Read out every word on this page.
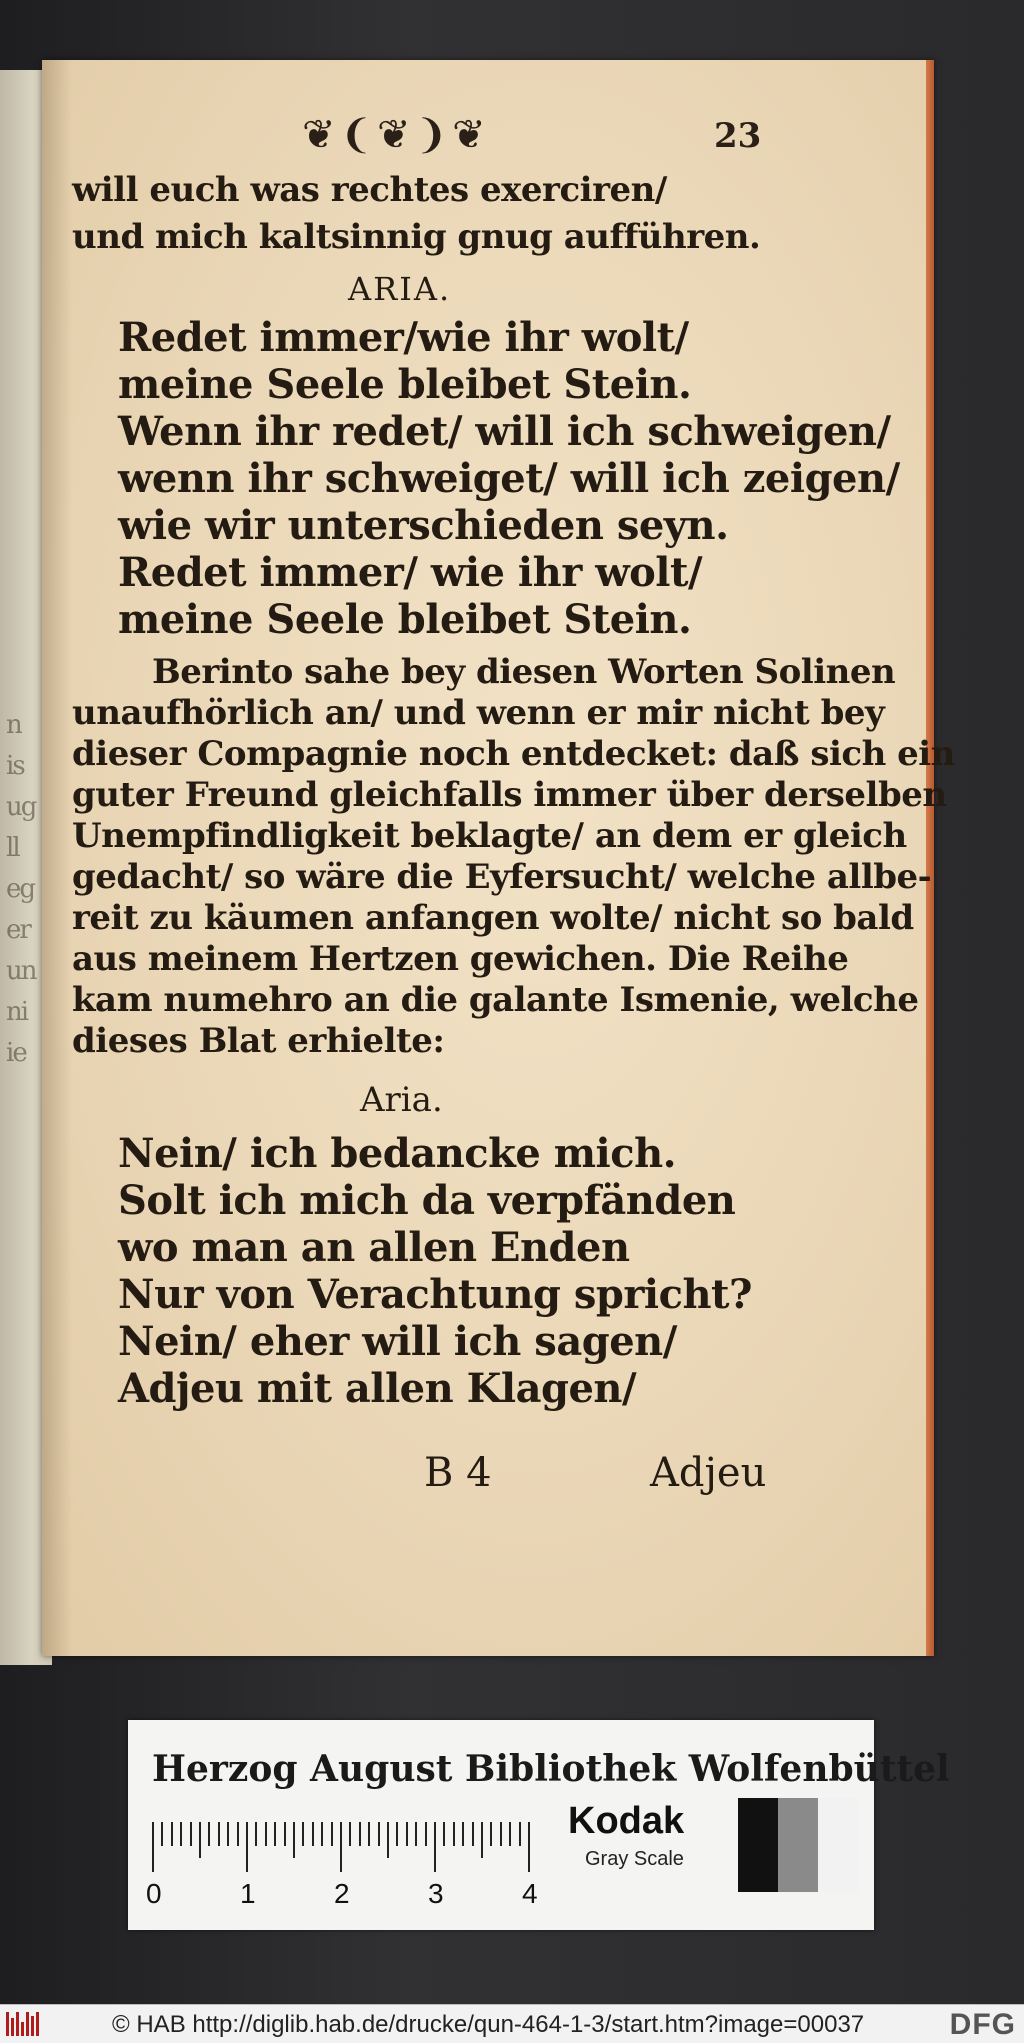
n
is
ug
ll
eg
er
un
ni
ie
❦❨❦❩❦	23
will euch was rechtes exerciren/
und mich kaltsinnig gnug aufführen.
ARIA.
Redet immer/wie ihr wolt/
meine Seele bleibet Stein.
Wenn ihr redet/ will ich schweigen/
wenn ihr schweiget/ will ich zeigen/
wie wir unterschieden seyn.
Redet immer/ wie ihr wolt/
meine Seele bleibet Stein.
Berinto sahe bey diesen Worten Solinen
unaufhörlich an/ und wenn er mir nicht bey
dieser Compagnie noch entdecket: daß sich ein
guter Freund gleichfalls immer über derselben
Unempfindligkeit beklagte/ an dem er gleich
gedacht/ so wäre die Eyfersucht/ welche allbe-
reit zu käumen anfangen wolte/ nicht so bald
aus meinem Hertzen gewichen. Die Reihe
kam numehro an die galante Ismenie, welche
dieses Blat erhielte:
Aria.
Nein/ ich bedancke mich.
Solt ich mich da verpfänden
wo man an allen Enden
Nur von Verachtung spricht?
Nein/ eher will ich sagen/
Adjeu mit allen Klagen/
B 4	Adjeu
Herzog August Bibliothek Wolfenbüttel
0	1	2	3	4
Kodak
Gray Scale
© HAB http://diglib.hab.de/drucke/qun-464-1-3/start.htm?image=00037	DFG
